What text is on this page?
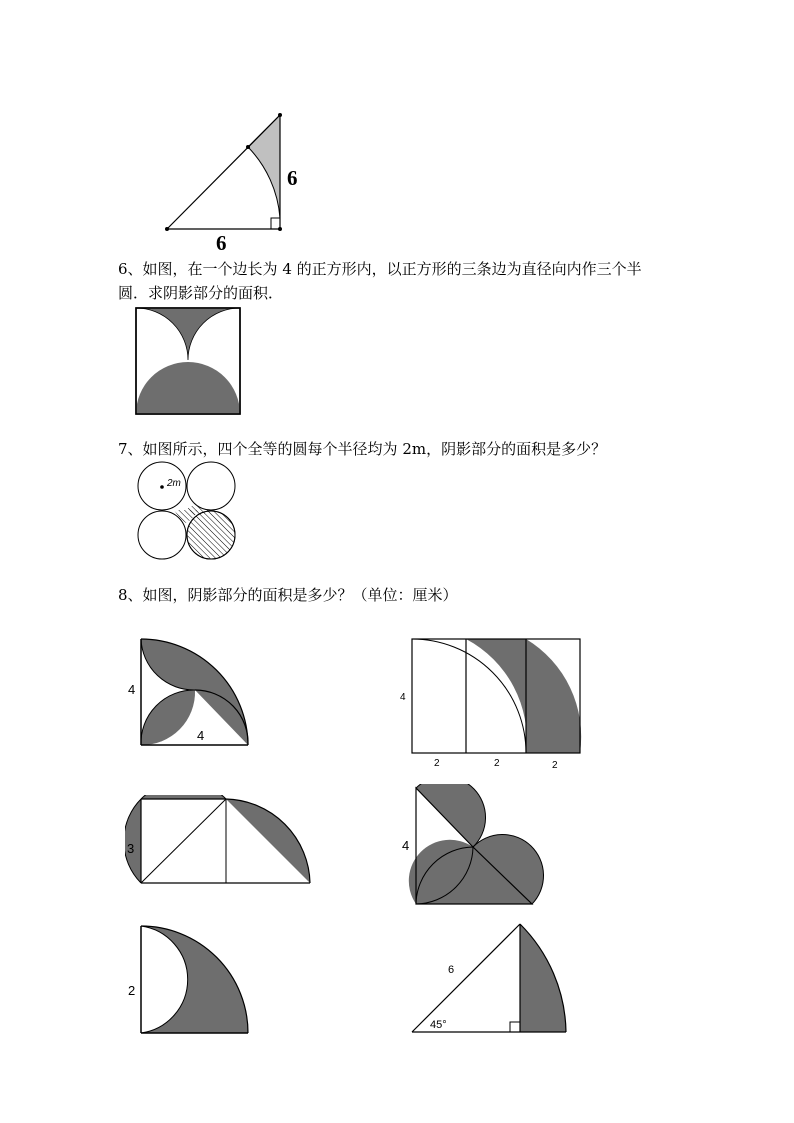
6
6
6、如图，在一个边长为 4 的正方形内，以正方形的三条边为直径向内作三个半
圆．求阴影部分的面积．
7、如图所示，四个全等的圆每个半径均为 2m，阴影部分的面积是多少？
2m
8、如图，阴影部分的面积是多少？（单位：厘米）
4
4
4
2	2	2
3	4
2
6
45°
